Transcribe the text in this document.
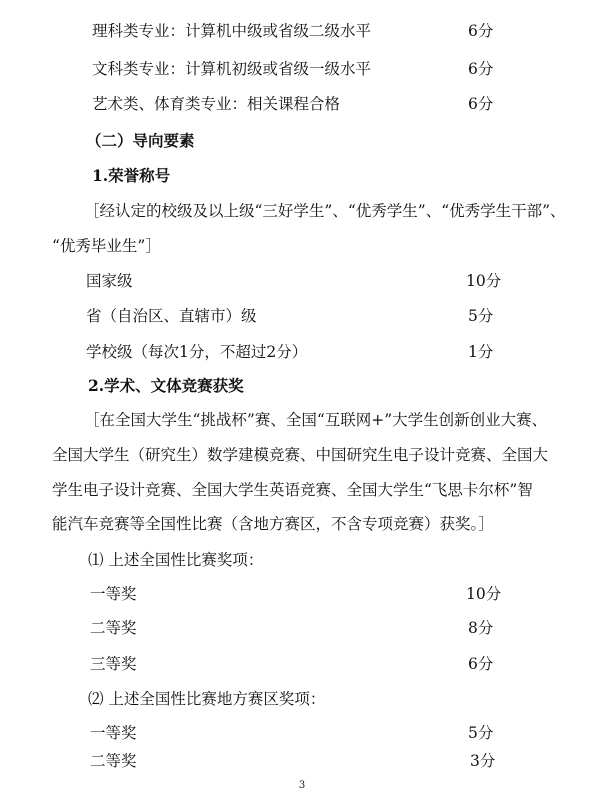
理科类专业：计算机中级或省级二级水平	6分
文科类专业：计算机初级或省级一级水平	6分
艺术类、体育类专业：相关课程合格	6分
（二）导向要素
1.荣誉称号
［经认定的校级及以上级“三好学生”、“优秀学生”、“优秀学生干部”、
“优秀毕业生”］
国家级	10分
省（自治区、直辖市）级	5分
学校级（每次1分，不超过2分）	1分
2.学术、文体竞赛获奖
［在全国大学生“挑战杯”赛、全国“互联网+”大学生创新创业大赛、
全国大学生（研究生）数学建模竞赛、中国研究生电子设计竞赛、全国大
学生电子设计竞赛、全国大学生英语竞赛、全国大学生“飞思卡尔杯”智
能汽车竞赛等全国性比赛（含地方赛区，不含专项竞赛）获奖。］
⑴ 上述全国性比赛奖项：
一等奖	10分
二等奖	8分
三等奖	6分
⑵ 上述全国性比赛地方赛区奖项：
一等奖	5分
二等奖	3分
3
